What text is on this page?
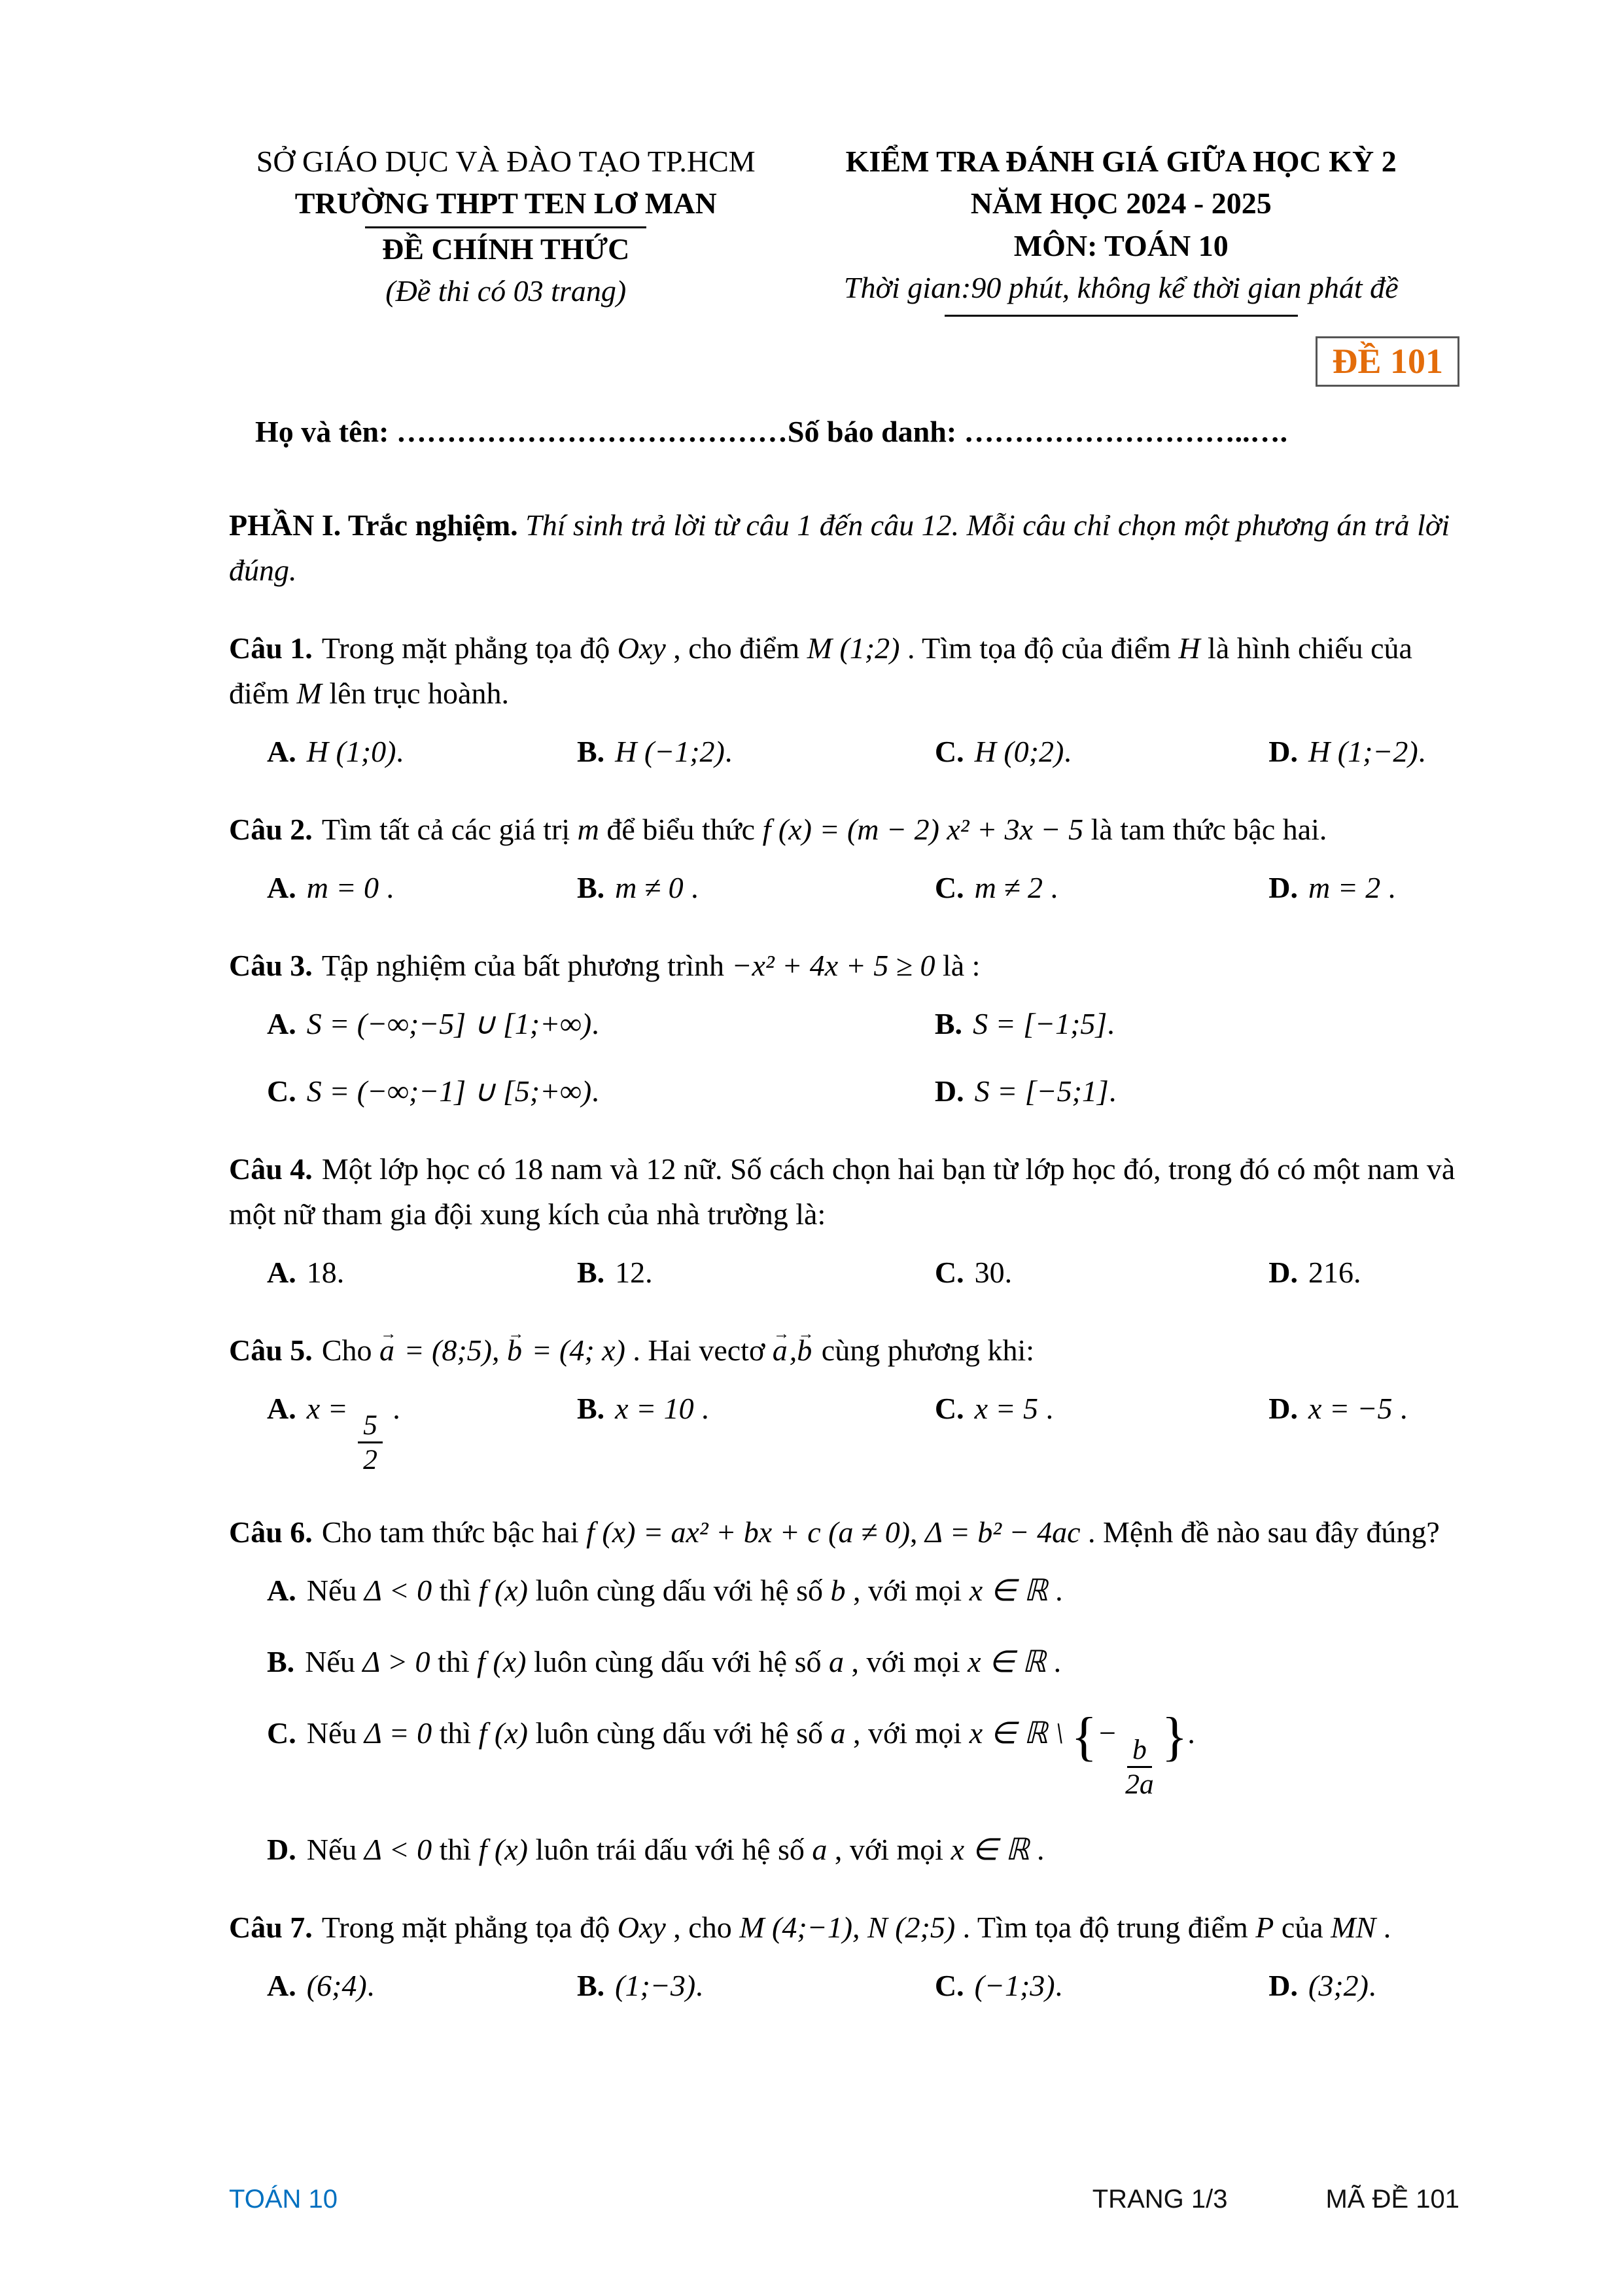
SỞ GIÁO DỤC VÀ ĐÀO TẠO TP.HCM

TRƯỜNG THPT TEN LƠ MAN

ĐỀ CHÍNH THỨC

(Đề thi có 03 trang)

KIỂM TRA ĐÁNH GIÁ GIỮA HỌC KỲ 2

NĂM HỌC 2024 - 2025

MÔN: TOÁN 10

Thời gian:90 phút, không kể thời gian phát đề

ĐỀ 101

Họ và tên: …………………………………Số báo danh: ………………………..….

PHẦN I. Trắc nghiệm. Thí sinh trả lời từ câu 1 đến câu 12. Mỗi câu chỉ chọn một phương án trả lời đúng.

Câu 1. Trong mặt phẳng tọa độ Oxy , cho điểm M (1;2) . Tìm tọa độ của điểm H là hình chiếu của điểm M lên trục hoành.

A. H (1;0).	B. H (−1;2).	C. H (0;2).	D. H (1;−2).

Câu 2. Tìm tất cả các giá trị m để biểu thức f (x) = (m − 2) x² + 3x − 5 là tam thức bậc hai.

A. m = 0 .	B. m ≠ 0 .	C. m ≠ 2 .	D. m = 2 .

Câu 3. Tập nghiệm của bất phương trình −x² + 4x + 5 ≥ 0 là :

A. S = (−∞;−5] ∪ [1;+∞).	B. S = [−1;5].
C. S = (−∞;−1] ∪ [5;+∞).	D. S = [−5;1].

Câu 4. Một lớp học có 18 nam và 12 nữ. Số cách chọn hai bạn từ lớp học đó, trong đó có một nam và một nữ tham gia đội xung kích của nhà trường là:

A. 18.	B. 12.	C. 30.	D. 216.

Câu 5. Cho a → = (8;5), b → = (4; x) . Hai vectơ a →,b → cùng phương khi:

A. x =
$\frac{5}{2}$
.	B. x = 10 .	C. x = 5 .	D. x = −5 .

Câu 6. Cho tam thức bậc hai f (x) = ax² + bx + c (a ≠ 0), Δ = b² − 4ac . Mệnh đề nào sau đây đúng?

A. Nếu Δ < 0 thì f (x) luôn cùng dấu với hệ số b , với mọi x ∈ ℝ .
B. Nếu Δ > 0 thì f (x) luôn cùng dấu với hệ số a , với mọi x ∈ ℝ .
C. Nếu Δ = 0 thì f (x) luôn cùng dấu với hệ số a , với mọi x ∈ ℝ \ {−
$\frac{b}{2a}$ }.
D. Nếu Δ < 0 thì f (x) luôn trái dấu với hệ số a , với mọi x ∈ ℝ .

Câu 7. Trong mặt phẳng tọa độ Oxy , cho M (4;−1), N (2;5) . Tìm tọa độ trung điểm P của MN .

A. (6;4).	B. (1;−3).	C. (−1;3).	D. (3;2).
TOÁN 10	TRANG 1/3	MÃ ĐỀ 101
